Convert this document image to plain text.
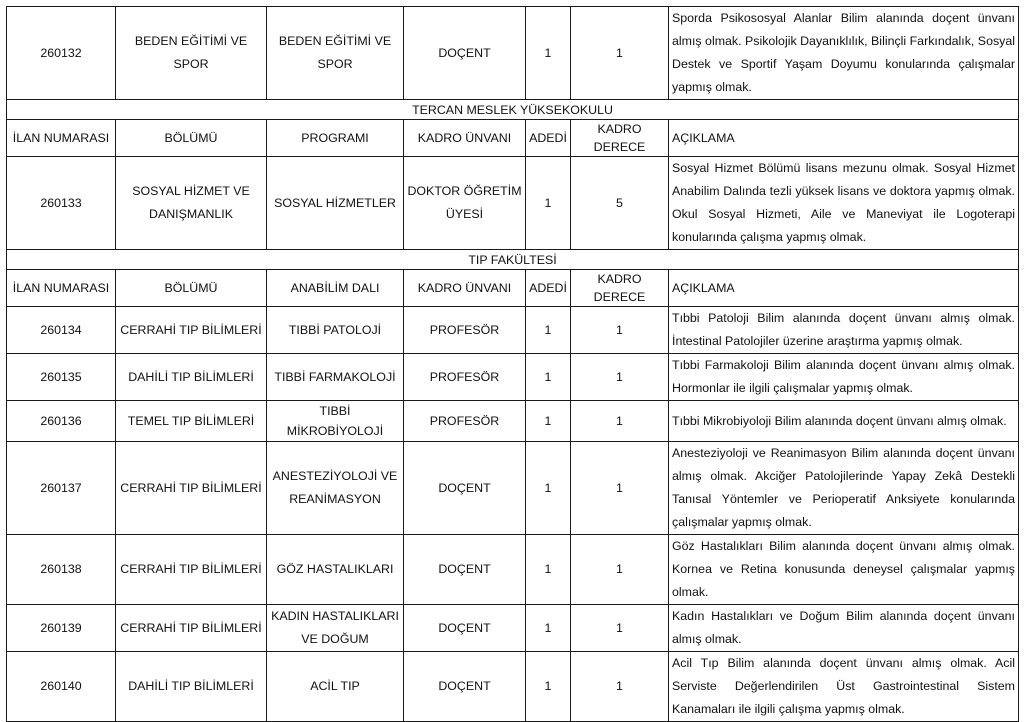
260132	BEDEN EĞİTİMİ VE SPOR	BEDEN EĞİTİMİ VE SPOR	DOÇENT	1	1	Sporda Psikososyal Alanlar Bilim alanında doçent ünvanı almış olmak. Psikolojik Dayanıklılık, Bilinçli Farkındalık, Sosyal Destek ve Sportif Yaşam Doyumu konularında çalışmalar yapmış olmak.
TERCAN MESLEK YÜKSEKOKULU						
İLAN NUMARASI	BÖLÜMÜ	PROGRAMI	KADRO ÜNVANI	ADEDİ	KADRO DERECE	AÇIKLAMA
260133	SOSYAL HİZMET VE DANIŞMANLIK	SOSYAL HİZMETLER	DOKTOR ÖĞRETİM ÜYESİ	1	5	Sosyal Hizmet Bölümü lisans mezunu olmak. Sosyal Hizmet Anabilim Dalında tezli yüksek lisans ve doktora yapmış olmak. Okul Sosyal Hizmeti, Aile ve Maneviyat ile Logoterapi konularında çalışma yapmış olmak.
TIP FAKÜLTESİ						
İLAN NUMARASI	BÖLÜMÜ	ANABİLİM DALI	KADRO ÜNVANI	ADEDİ	KADRO DERECE	AÇIKLAMA
260134	CERRAHİ TIP BİLİMLERİ	TIBBİ PATOLOJİ	PROFESÖR	1	1	Tıbbi Patoloji Bilim alanında doçent ünvanı almış olmak. İntestinal Patolojiler üzerine araştırma yapmış olmak.
260135	DAHİLİ TIP BİLİMLERİ	TIBBİ FARMAKOLOJİ	PROFESÖR	1	1	Tıbbi Farmakoloji Bilim alanında doçent ünvanı almış olmak. Hormonlar ile ilgili çalışmalar yapmış olmak.
260136	TEMEL TIP BİLİMLERİ	TIBBİ MİKROBİYOLOJİ	PROFESÖR	1	1	Tıbbi Mikrobiyoloji Bilim alanında doçent ünvanı almış olmak.
260137	CERRAHİ TIP BİLİMLERİ	ANESTEZİYOLOJİ VE REANİMASYON	DOÇENT	1	1	Anesteziyoloji ve Reanimasyon Bilim alanında doçent ünvanı almış olmak. Akciğer Patolojilerinde Yapay Zekâ Destekli Tanısal Yöntemler ve Perioperatif Anksiyete konularında çalışmalar yapmış olmak.
260138	CERRAHİ TIP BİLİMLERİ	GÖZ HASTALIKLARI	DOÇENT	1	1	Göz Hastalıkları Bilim alanında doçent ünvanı almış olmak. Kornea ve Retina konusunda deneysel çalışmalar yapmış olmak.
260139	CERRAHİ TIP BİLİMLERİ	KADIN HASTALIKLARI VE DOĞUM	DOÇENT	1	1	Kadın Hastalıkları ve Doğum Bilim alanında doçent ünvanı almış olmak.
260140	DAHİLİ TIP BİLİMLERİ	ACİL TIP	DOÇENT	1	1	Acil Tıp Bilim alanında doçent ünvanı almış olmak. Acil Serviste Değerlendirilen Üst Gastrointestinal Sistem Kanamaları ile ilgili çalışma yapmış olmak.
